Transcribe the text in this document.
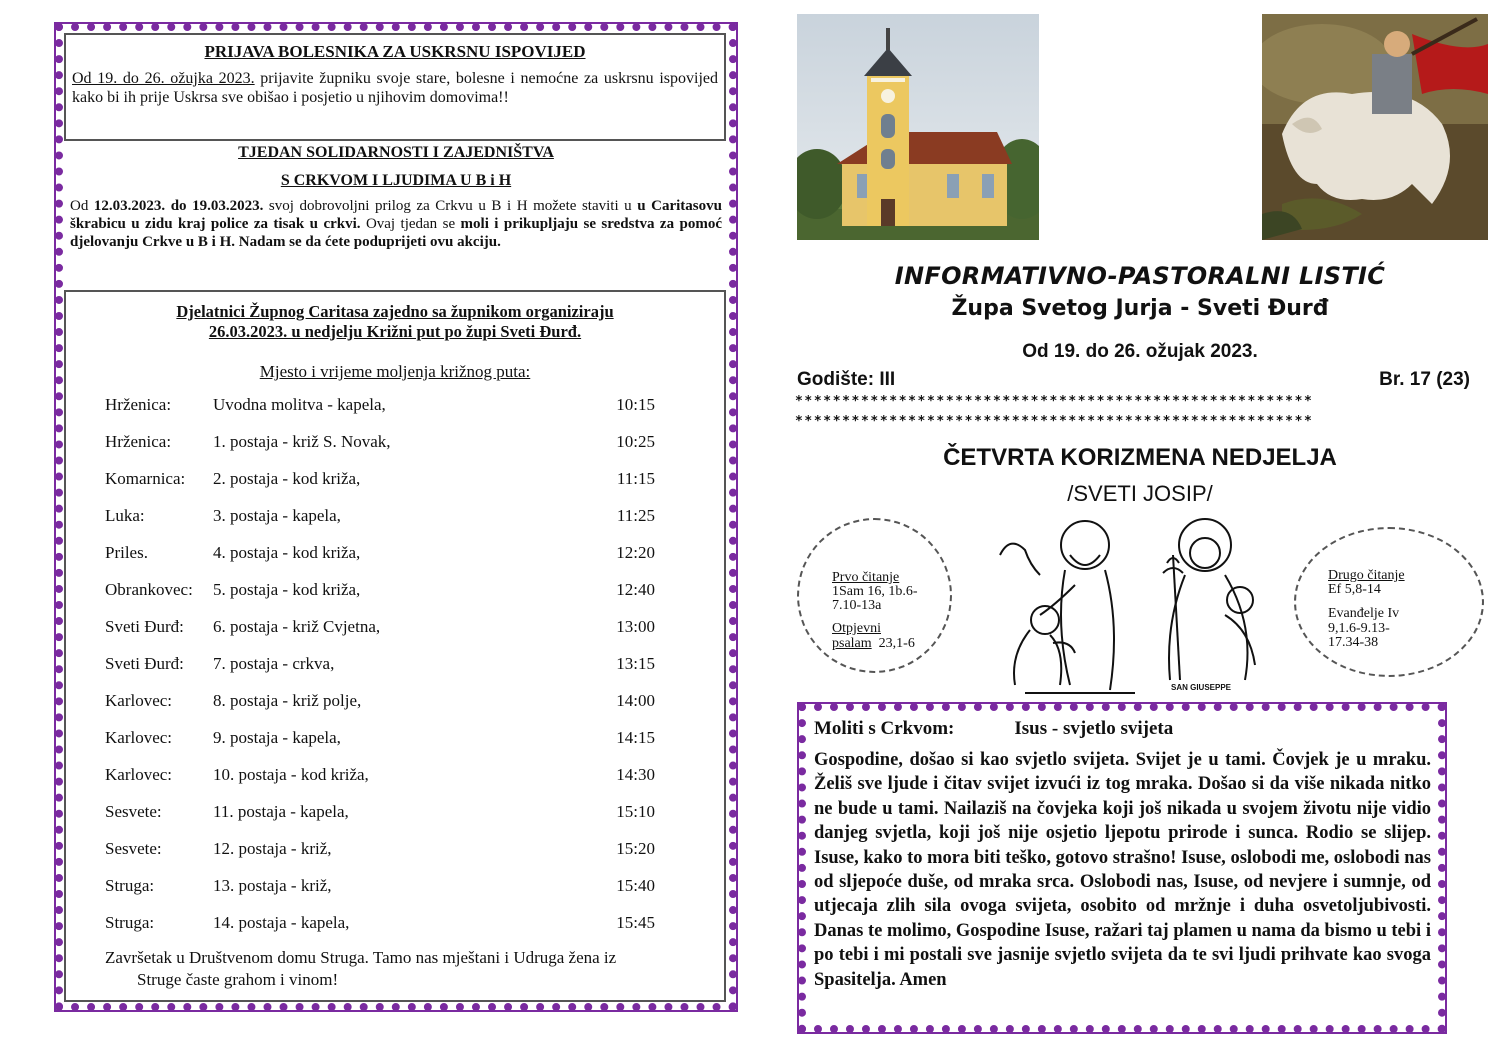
PRIJAVA BOLESNIKA ZA USKRSNU ISPOVIJED
Od 19. do 26. ožujka 2023. prijavite župniku svoje stare, bolesne i nemoćne za uskrsnu ispovijed kako bi ih prije Uskrsa sve obišao i posjetio u njihovim domovima!!
TJEDAN SOLIDARNOSTI I ZAJEDNIŠTVA
S CRKVOM I LJUDIMA U B i H
Od 12.03.2023. do 19.03.2023. svoj dobrovoljni prilog za Crkvu u B i H možete staviti u u Caritasovu škrabicu u zidu kraj police za tisak u crkvi. Ovaj tjedan se moli i prikupljaju se sredstva za pomoć djelovanju Crkve u B i H. Nadam se da ćete poduprijeti ovu akciju.
Djelatnici Župnog Caritasa zajedno sa župnikom organiziraju
26.03.2023. u nedjelju Križni put po župi Sveti Đurđ.
Mjesto i vrijeme moljenja križnog puta:
Hrženica: Uvodna molitva - kapela,	10:15
Hrženica: 1. postaja - križ S. Novak,	10:25
Komarnica: 2. postaja - kod križa,	11:15
Luka:	3. postaja - kapela,	11:25
Priles.	4. postaja - kod križa,	12:20
Obrankovec: 5. postaja - kod križa,	12:40
Sveti Đurđ: 6. postaja - križ Cvjetna,	13:00
Sveti Đurđ: 7. postaja - crkva,	13:15
Karlovec: 8. postaja - križ polje,	14:00
Karlovec: 9. postaja - kapela,	14:15
Karlovec: 10. postaja - kod križa,	14:30
Sesvete:	11. postaja - kapela,	15:10
Sesvete:	12. postaja - križ,	15:20
Struga:	13. postaja - križ,	15:40
Struga:	14. postaja - kapela,	15:45
Završetak u Društvenom domu Struga. Tamo nas mještani i Udruga žena iz
Struge časte grahom i vinom!
INFORMATIVNO-PASTORALNI LISTIĆ
Župa Svetog Jurja - Sveti Đurđ
Od 19. do 26. ožujak 2023.
Godište: III	Br. 17 (23)
*******************************************************
*******************************************************
ČETVRTA KORIZMENA NEDJELJA
/SVETI JOSIP/
Prvo čitanje
1Sam 16, 1b.6-
7.10-13a
Otpjevni
psalam 23,1-6
SAN GIUSEPPE
Drugo čitanje
Ef 5,8-14
Evanđelje Iv
9,1.6-9.13-
17.34-38
Moliti s Crkvom:	Isus - svjetlo svijeta
Gospodine, došao si kao svjetlo svijeta. Svijet je u tami. Čovjek je u mraku. Želiš sve ljude i čitav svijet izvući iz tog mraka. Došao si da više nikada nitko ne bude u tami. Nailaziš na čovjeka koji još nikada u svojem životu nije vidio danjeg svjetla, koji još nije osjetio ljepotu prirode i sunca. Rodio se slijep. Isuse, kako to mora biti teško, gotovo strašno! Isuse, oslobodi me, oslobodi nas od sljepoće duše, od mraka srca. Oslobodi nas, Isuse, od nevjere i sumnje, od utjecaja zlih sila ovoga svijeta, osobito od mržnje i duha osvetoljubivosti. Danas te molimo, Gospodine Isuse, ražari taj plamen u nama da bismo u tebi i po tebi i mi postali sve jasnije svjetlo svijeta da te svi ljudi prihvate kao svoga Spasitelja. Amen
